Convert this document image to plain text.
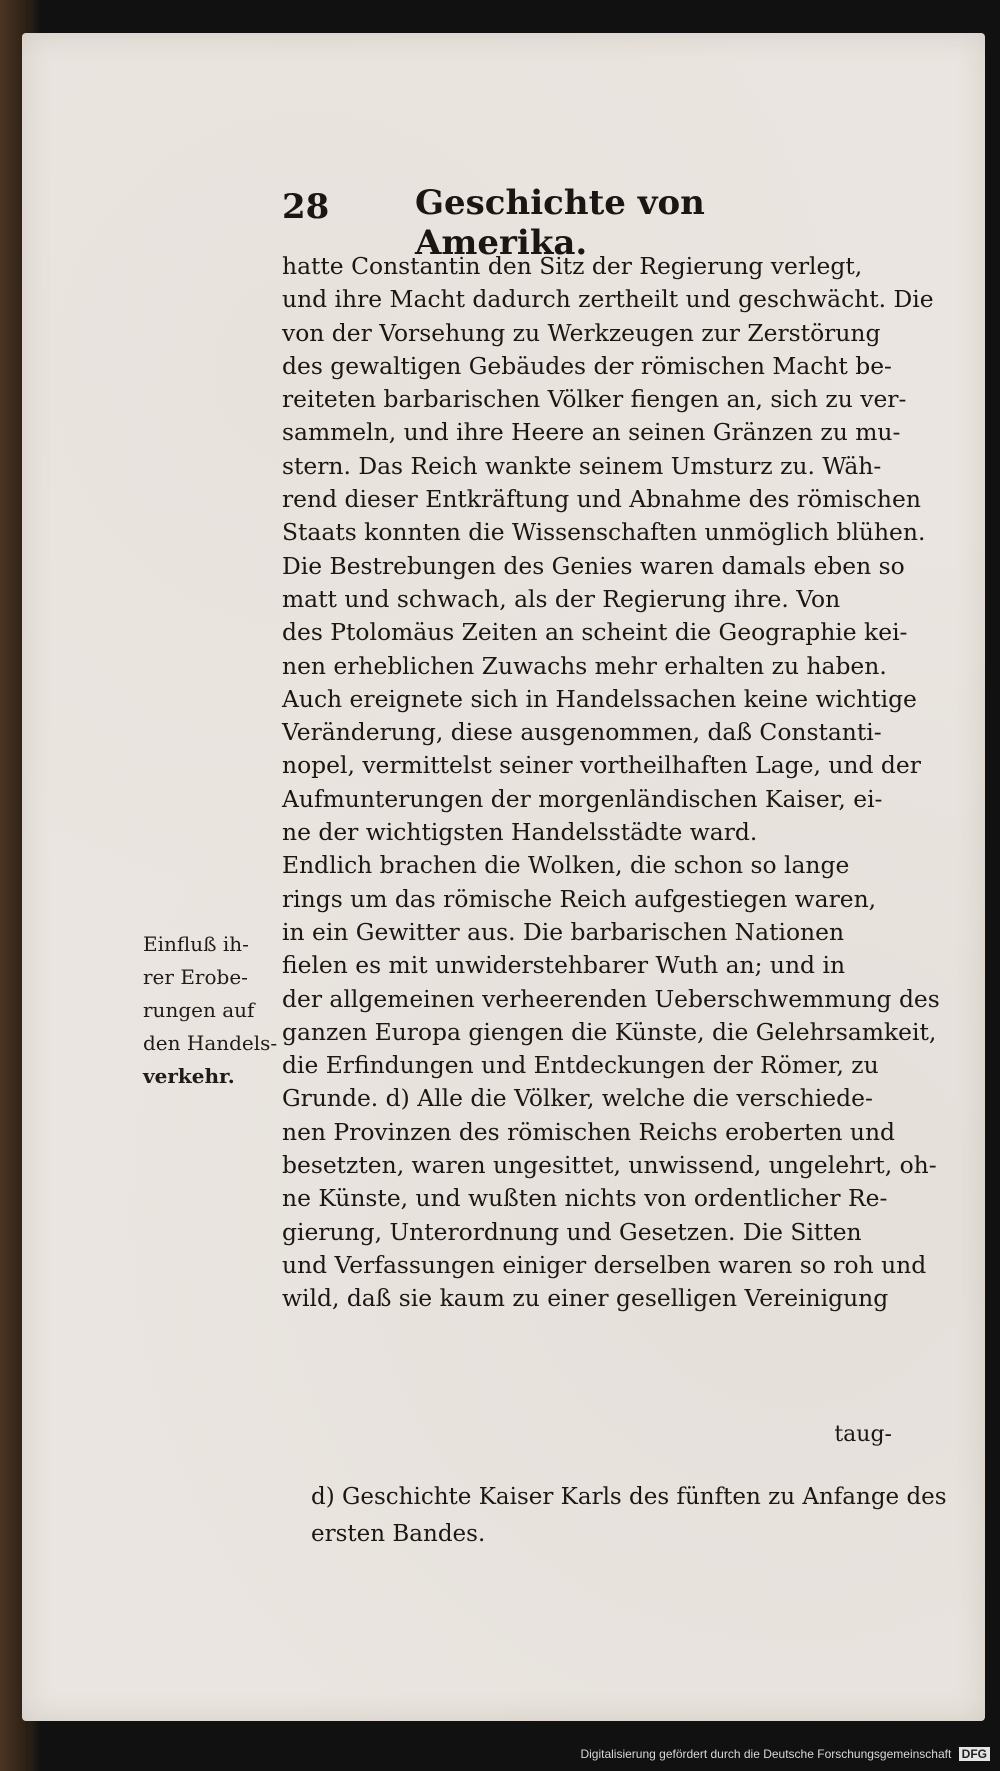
28	Geschichte von Amerika.
Einfluß ih-
rer Erobe-
rungen auf
den Handels-
verkehr.
hatte Constantin den Sitz der Regierung verlegt,
und ihre Macht dadurch zertheilt und geschwächt. Die
von der Vorsehung zu Werkzeugen zur Zerstörung
des gewaltigen Gebäudes der römischen Macht be-
reiteten barbarischen Völker fiengen an, sich zu ver-
sammeln, und ihre Heere an seinen Gränzen zu mu-
stern. Das Reich wankte seinem Umsturz zu. Wäh-
rend dieser Entkräftung und Abnahme des römischen
Staats konnten die Wissenschaften unmöglich blühen.
Die Bestrebungen des Genies waren damals eben so
matt und schwach, als der Regierung ihre. Von
des Ptolomäus Zeiten an scheint die Geographie kei-
nen erheblichen Zuwachs mehr erhalten zu haben.
Auch ereignete sich in Handelssachen keine wichtige
Veränderung, diese ausgenommen, daß Constanti-
nopel, vermittelst seiner vortheilhaften Lage, und der
Aufmunterungen der morgenländischen Kaiser, ei-
ne der wichtigsten Handelsstädte ward.
Endlich brachen die Wolken, die schon so lange
rings um das römische Reich aufgestiegen waren,
in ein Gewitter aus. Die barbarischen Nationen
fielen es mit unwiderstehbarer Wuth an; und in
der allgemeinen verheerenden Ueberschwemmung des
ganzen Europa giengen die Künste, die Gelehrsamkeit,
die Erfindungen und Entdeckungen der Römer, zu
Grunde. d) Alle die Völker, welche die verschiede-
nen Provinzen des römischen Reichs eroberten und
besetzten, waren ungesittet, unwissend, ungelehrt, oh-
ne Künste, und wußten nichts von ordentlicher Re-
gierung, Unterordnung und Gesetzen. Die Sitten
und Verfassungen einiger derselben waren so roh und
wild, daß sie kaum zu einer geselligen Vereinigung
taug-
d) Geschichte Kaiser Karls des fünften zu Anfange des
ersten Bandes.
Digitalisierung gefördert durch die Deutsche Forschungsgemeinschaft DFG
